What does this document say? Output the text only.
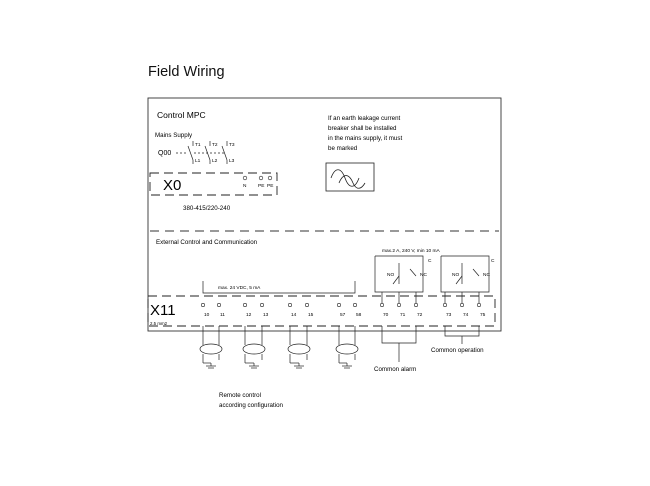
Field Wiring
Control MPC
Mains Supply
Q00
T1 T2 T3
L1 L2 L3
X0	N PE PE
380-415/220-240
If an earth leakage current
breaker shall be installed
in the mains supply, it must
be marked
External Control and Communication
X11
2.5 mm2
max. 24 VDC, 5 mA
max.2 A, 240 V, min 10 mA
10 11	12 13	14 15	57 58	70 71 72	73 74 75
NO	NC
C
NO	NC
C
Common operation
Common alarm
Remote control
according configuration
